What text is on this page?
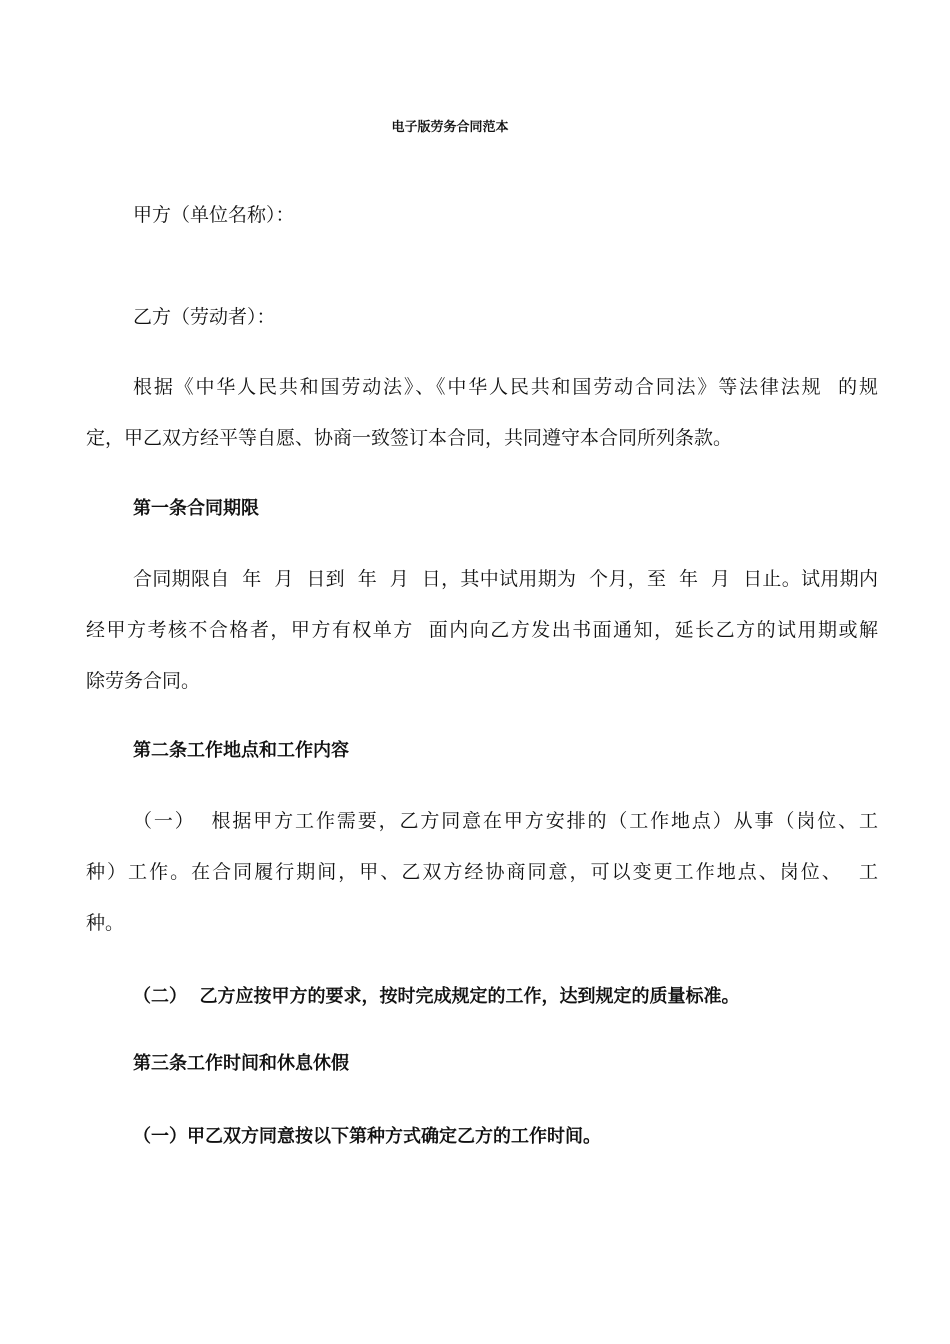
电子版劳务合同范本
甲方（单位名称）：
乙方（劳动者）：
根据《中华人民共和国劳动法》、《中华人民共和国劳动合同法》等法律法规  的规
定，甲乙双方经平等自愿、协商一致签订本合同，共同遵守本合同所列条款。
第一条合同期限
合同期限自  年  月  日到  年  月  日，其中试用期为  个月，至  年  月  日止。试用期内
经甲方考核不合格者，甲方有权单方  面内向乙方发出书面通知，延长乙方的试用期或解
除劳务合同。
第二条工作地点和工作内容
（一）  根据甲方工作需要，乙方同意在甲方安排的（工作地点）从事（岗位、工
种）工作。在合同履行期间，甲、乙双方经协商同意，可以变更工作地点、岗位、  工
种。
（二）  乙方应按甲方的要求，按时完成规定的工作，达到规定的质量标准。
第三条工作时间和休息休假
（一）甲乙双方同意按以下第种方式确定乙方的工作时间。
